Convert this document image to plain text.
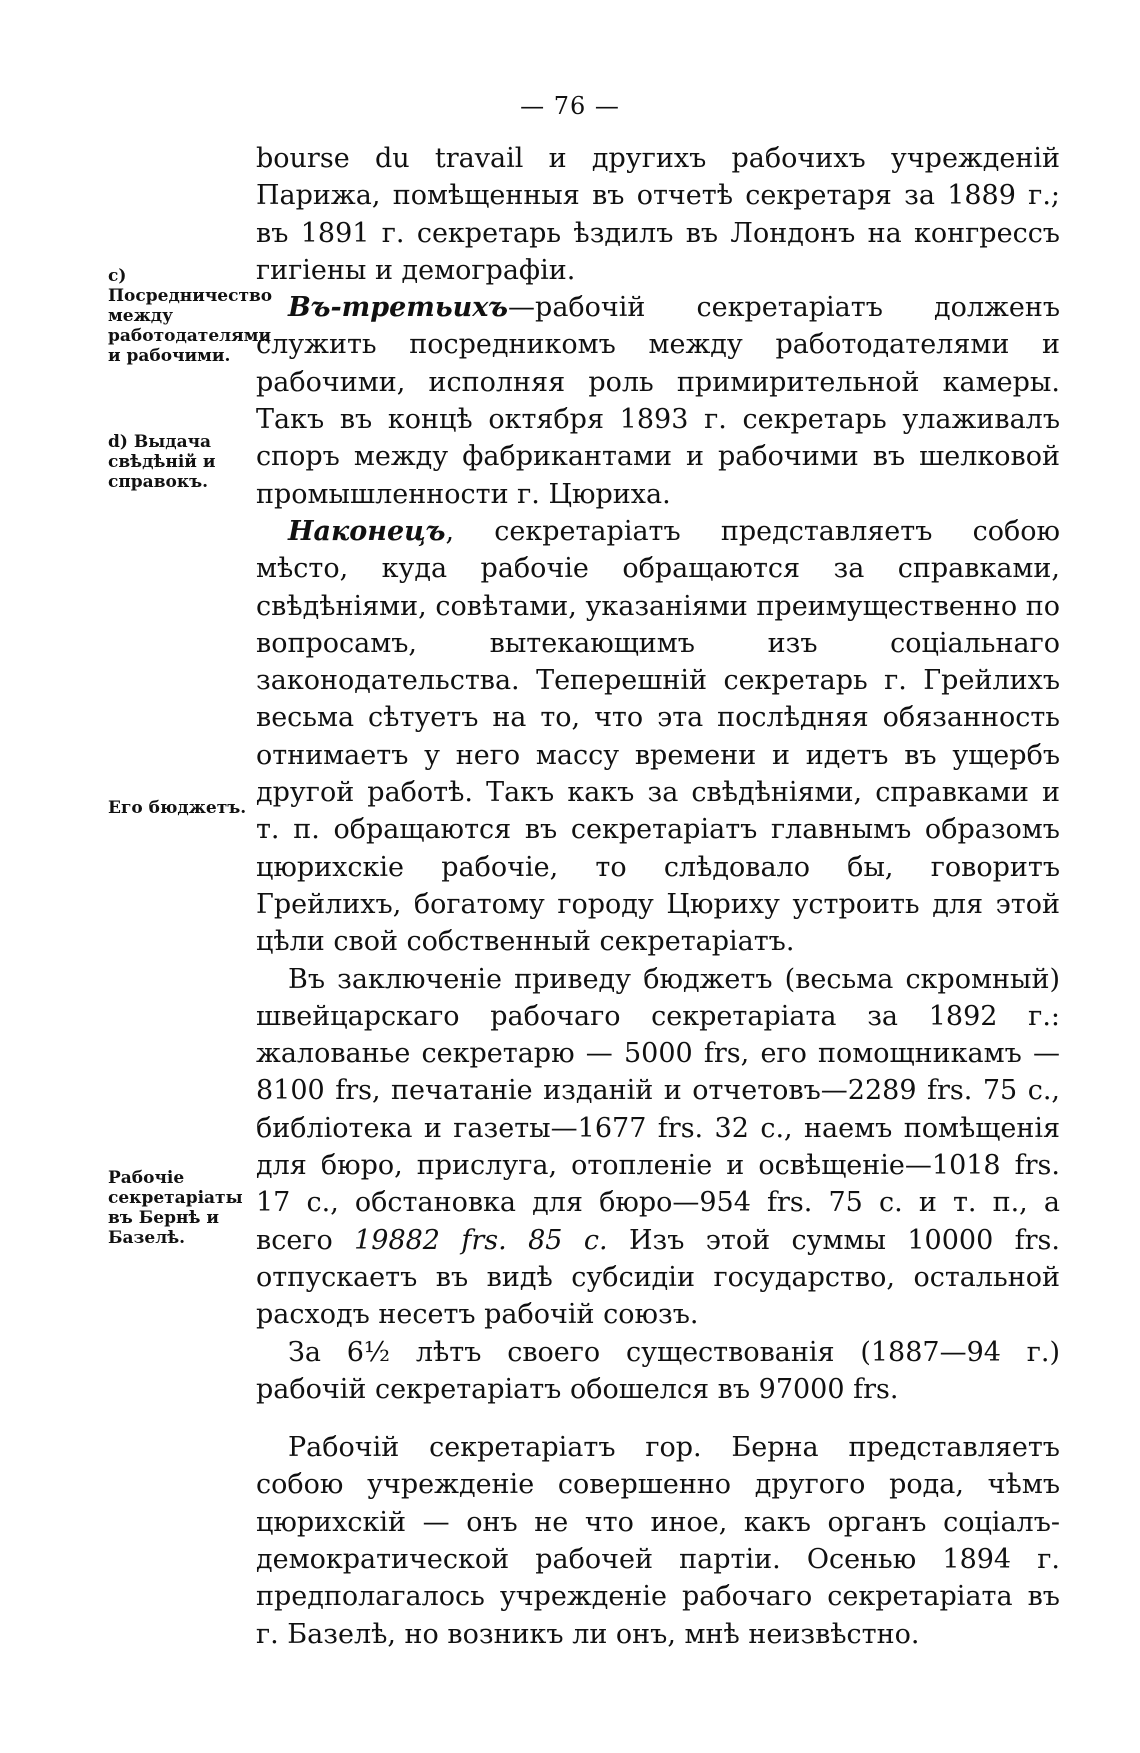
— 76 —
c) Посредничество между работодателями и рабочими.
d) Выдача свѣдѣній и справокъ.
Его бюджетъ.
Рабочіе секретаріаты въ Бернѣ и Базелѣ.

bourse du travail и другихъ рабочихъ учрежденій Парижа, помѣщенныя въ отчетѣ секретаря за 1889 г.; въ 1891 г. секретарь ѣздилъ въ Лондонъ на конгрессъ гигіены и демографіи.

Въ-третьихъ—рабочій секретаріатъ долженъ служить посредникомъ между работодателями и рабочими, исполняя роль примирительной камеры. Такъ въ концѣ октября 1893 г. секретарь улаживалъ споръ между фабрикантами и рабочими въ шелковой промышленности г. Цюриха.

Наконецъ, секретаріатъ представляетъ собою мѣсто, куда рабочіе обращаются за справками, свѣдѣніями, совѣтами, указаніями преимущественно по вопросамъ, вытекающимъ изъ соціальнаго законодательства. Теперешній секретарь г. Грейлихъ весьма сѣтуетъ на то, что эта послѣдняя обязанность отнимаетъ у него массу времени и идетъ въ ущербъ другой работѣ. Такъ какъ за свѣдѣніями, справками и т. п. обращаются въ секретаріатъ главнымъ образомъ цюрихскіе рабочіе, то слѣдовало бы, говоритъ Грейлихъ, богатому городу Цюриху устроить для этой цѣли свой собственный секретаріатъ.

Въ заключеніе приведу бюджетъ (весьма скромный) швейцарскаго рабочаго секретаріата за 1892 г.: жалованье секретарю — 5000 frs, его помощникамъ — 8100 frs, печатаніе изданій и отчетовъ—2289 frs. 75 с., библіотека и газеты—1677 frs. 32 с., наемъ помѣщенія для бюро, прислуга, отопленіе и освѣщеніе—1018 frs. 17 с., обстановка для бюро—954 frs. 75 с. и т. п., а всего 19882 frs. 85 с. Изъ этой суммы 10000 frs. отпускаетъ въ видѣ субсидіи государство, остальной расходъ несетъ рабочій союзъ.

За 6½ лѣтъ своего существованія (1887—94 г.) рабочій секретаріатъ обошелся въ 97000 frs.

Рабочій секретаріатъ гор. Берна представляетъ собою учрежденіе совершенно другого рода, чѣмъ цюрихскій — онъ не что иное, какъ органъ соціалъ-демократической рабочей партіи. Осенью 1894 г. предполагалось учрежденіе рабочаго секретаріата въ г. Базелѣ, но возникъ ли онъ, мнѣ неизвѣстно.
